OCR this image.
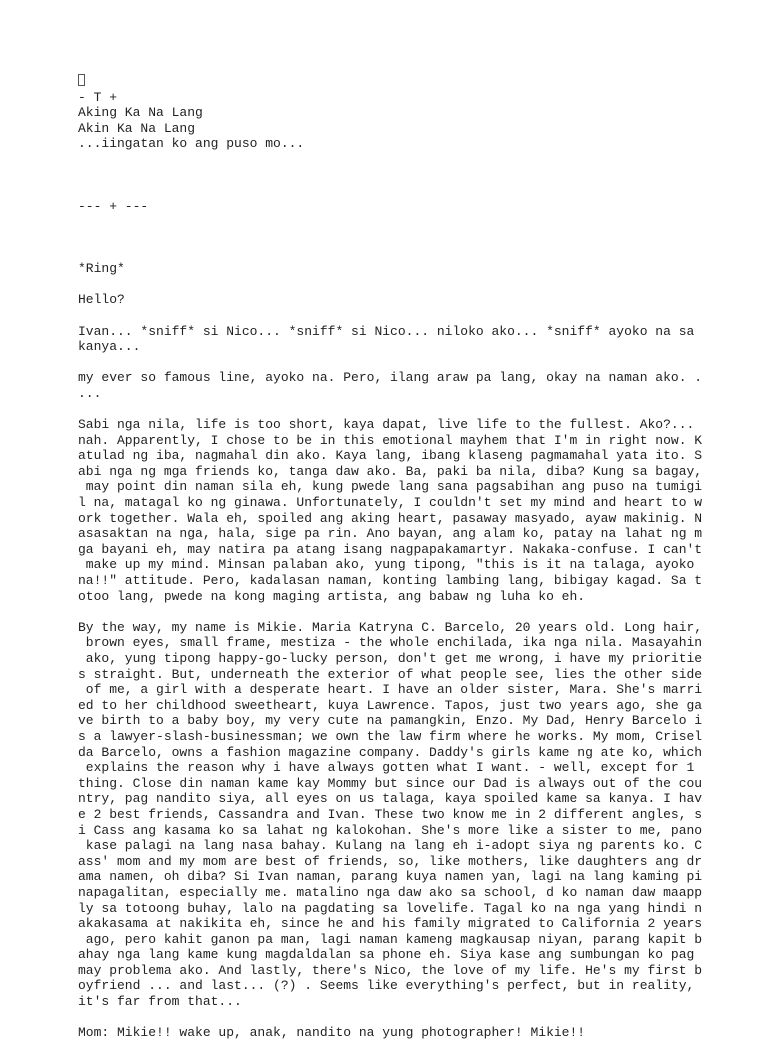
- T +
Aking Ka Na Lang
Akin Ka Na Lang
...iingatan ko ang puso mo...
--- + ---
*Ring*
Hello?
Ivan... *sniff* si Nico... *sniff* si Nico... niloko ako... *sniff* ayoko na sa
kanya...
my ever so famous line, ayoko na. Pero, ilang araw pa lang, okay na naman ako. .
...
Sabi nga nila, life is too short, kaya dapat, live life to the fullest. Ako?...
nah. Apparently, I chose to be in this emotional mayhem that I'm in right now. K
atulad ng iba, nagmahal din ako. Kaya lang, ibang klaseng pagmamahal yata ito. S
abi nga ng mga friends ko, tanga daw ako. Ba, paki ba nila, diba? Kung sa bagay,
may point din naman sila eh, kung pwede lang sana pagsabihan ang puso na tumigi
l na, matagal ko ng ginawa. Unfortunately, I couldn't set my mind and heart to w
ork together. Wala eh, spoiled ang aking heart, pasaway masyado, ayaw makinig. N
asasaktan na nga, hala, sige pa rin. Ano bayan, ang alam ko, patay na lahat ng m
ga bayani eh, may natira pa atang isang nagpapakamartyr. Nakaka-confuse. I can't
make up my mind. Minsan palaban ako, yung tipong, "this is it na talaga, ayoko
na!!" attitude. Pero, kadalasan naman, konting lambing lang, bibigay kagad. Sa t
otoo lang, pwede na kong maging artista, ang babaw ng luha ko eh.
By the way, my name is Mikie. Maria Katryna C. Barcelo, 20 years old. Long hair,
brown eyes, small frame, mestiza - the whole enchilada, ika nga nila. Masayahin
ako, yung tipong happy-go-lucky person, don't get me wrong, i have my prioritie
s straight. But, underneath the exterior of what people see, lies the other side
of me, a girl with a desperate heart. I have an older sister, Mara. She's marri
ed to her childhood sweetheart, kuya Lawrence. Tapos, just two years ago, she ga
ve birth to a baby boy, my very cute na pamangkin, Enzo. My Dad, Henry Barcelo i
s a lawyer-slash-businessman; we own the law firm where he works. My mom, Crisel
da Barcelo, owns a fashion magazine company. Daddy's girls kame ng ate ko, which
explains the reason why i have always gotten what I want. - well, except for 1
thing. Close din naman kame kay Mommy but since our Dad is always out of the cou
ntry, pag nandito siya, all eyes on us talaga, kaya spoiled kame sa kanya. I hav
e 2 best friends, Cassandra and Ivan. These two know me in 2 different angles, s
i Cass ang kasama ko sa lahat ng kalokohan. She's more like a sister to me, pano
kase palagi na lang nasa bahay. Kulang na lang eh i-adopt siya ng parents ko. C
ass' mom and my mom are best of friends, so, like mothers, like daughters ang dr
ama namen, oh diba? Si Ivan naman, parang kuya namen yan, lagi na lang kaming pi
napagalitan, especially me. matalino nga daw ako sa school, d ko naman daw maapp
ly sa totoong buhay, lalo na pagdating sa lovelife. Tagal ko na nga yang hindi n
akakasama at nakikita eh, since he and his family migrated to California 2 years
ago, pero kahit ganon pa man, lagi naman kameng magkausap niyan, parang kapit b
ahay nga lang kame kung magdaldalan sa phone eh. Siya kase ang sumbungan ko pag
may problema ako. And lastly, there's Nico, the love of my life. He's my first b
oyfriend ... and last... (?) . Seems like everything's perfect, but in reality,
it's far from that...
Mom: Mikie!! wake up, anak, nandito na yung photographer! Mikie!!
